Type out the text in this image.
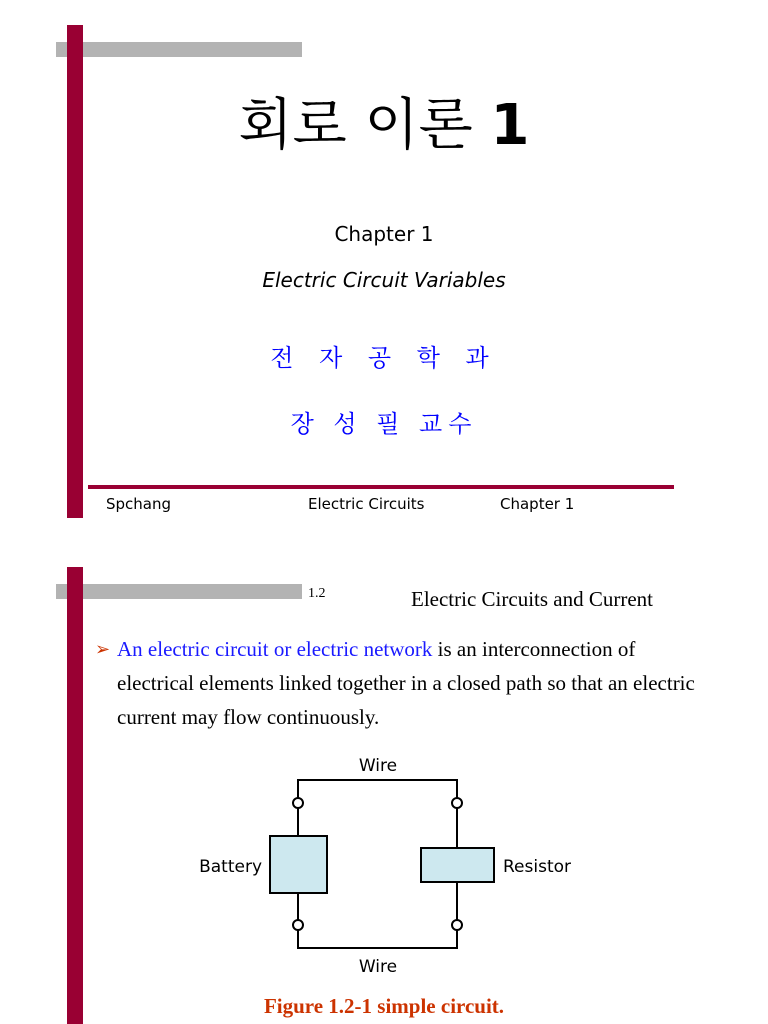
회로 이론 1
Chapter 1
Electric Circuit Variables
전 자 공 학 과
장 성 필 교수
Spchang	Electric Circuits	Chapter 1
1.2	Electric Circuits and Current
➢ An electric circuit or electric network is an interconnection of electrical elements linked together in a closed path so that an electric current may flow continuously.
Wire
Wire
Battery	Resistor
Figure 1.2-1 simple circuit.
